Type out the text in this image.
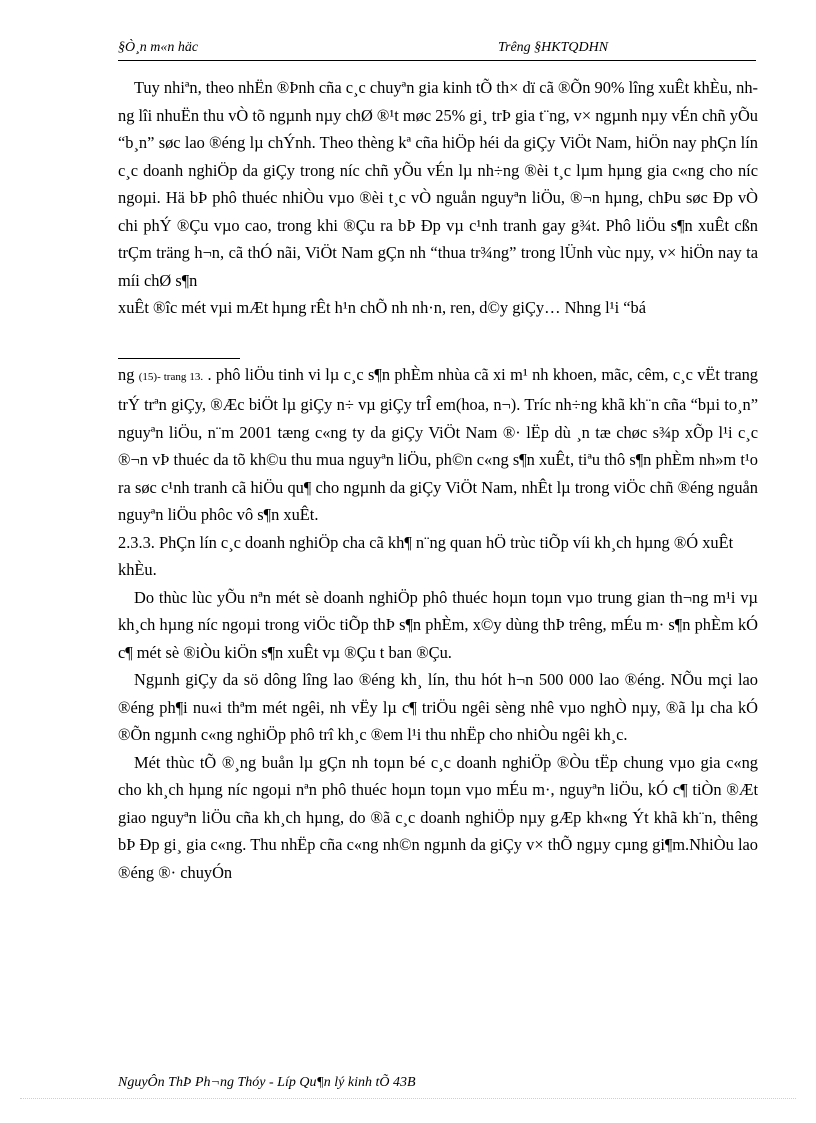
§Ò¸n m«n häc	Trêng §HKTQDHN

Tuy nhiªn, theo nhËn ®Þnh cña c¸c chuyªn gia kinh tÕ th× dï cã ®Õn 90% lîng xuÊt khÈu, nhng lîi nhuËn thu vÒ tõ ngµnh nµy chØ ®¹t møc 25% gi¸ trÞ gia t¨ng, v× ngµnh nµy vÉn chñ yÕu “b¸n” søc lao ®éng lµ chÝnh. Theo thèng kª cña hiÖp héi da giÇy ViÖt Nam, hiÖn nay phÇn lín c¸c doanh nghiÖp da giÇy trong níc chñ yÕu vÉn lµ nh÷ng ®èi t¸c lµm hµng gia c«ng cho níc ngoµi. Hä bÞ phô thuéc nhiÒu vµo ®èi t¸c vÒ nguån nguyªn liÖu, ®¬n hµng, chÞu søc Ðp vÒ chi phÝ ®Çu vµo cao, trong khi ®Çu ra bÞ Ðp vµ c¹nh tranh gay g¾t. Phô liÖu s¶n xuÊt cßn trÇm träng h¬n, cã thÓ nãi, ViÖt Nam gÇn nh “thua tr¾ng” trong lÜnh vùc nµy, v× hiÖn nay ta míi chØ s¶n

xuÊt ®îc mét vµi mÆt hµng rÊt h¹n chÕ nh nh·n, ren, d©y giÇy… Nhng l¹i “bá

ng (15)- trang 13. . phô liÖu tinh vi lµ c¸c s¶n phÈm nhùa cã xi m¹ nh khoen, mãc, cêm, c¸c vËt trang trÝ trªn giÇy, ®Æc biÖt lµ giÇy n÷ vµ giÇy trÎ em(hoa, n¬). Tríc nh÷ng khã kh¨n cña “bµi to¸n” nguyªn liÖu, n¨m 2001 tæng c«ng ty da giÇy ViÖt Nam ®· lËp dù ¸n tæ chøc s¾p xÕp l¹i c¸c ®¬n vÞ thuéc da tõ kh©u thu mua nguyªn liÖu, ph©n c«ng s¶n xuÊt, tiªu thô s¶n phÈm nh»m t¹o ra søc c¹nh tranh cã hiÖu qu¶ cho ngµnh da giÇy ViÖt Nam, nhÊt lµ trong viÖc chñ ®éng nguån nguyªn liÖu phôc vô s¶n xuÊt.

2.3.3. PhÇn lín c¸c doanh nghiÖp cha cã kh¶ n¨ng quan hÖ trùc tiÕp víi kh¸ch hµng ®Ó xuÊt khÈu.

Do thùc lùc yÕu nªn mét sè doanh nghiÖp phô thuéc hoµn toµn vµo trung gian th¬ng m¹i vµ kh¸ch hµng níc ngoµi trong viÖc tiÕp thÞ s¶n phÈm, x©y dùng thÞ trêng, mÉu m· s¶n phÈm kÓ c¶ mét sè ®iÒu kiÖn s¶n xuÊt vµ ®Çu t ban ®Çu.

Ngµnh giÇy da sö dông lîng lao ®éng kh¸ lín, thu hót h¬n 500 000 lao ®éng. NÕu mçi lao ®éng ph¶i nu«i thªm mét ngêi, nh vËy lµ c¶ triÖu ngêi sèng nhê vµo nghÒ nµy, ®ã lµ cha kÓ ®Õn ngµnh c«ng nghiÖp phô trî kh¸c ®em l¹i thu nhËp cho nhiÒu ngêi kh¸c.

Mét thùc tÕ ®¸ng buån lµ gÇn nh toµn bé c¸c doanh nghiÖp ®Òu tËp chung vµo gia c«ng cho kh¸ch hµng níc ngoµi nªn phô thuéc hoµn toµn vµo mÉu m·, nguyªn liÖu, kÓ c¶ tiÒn ®Æt giao nguyªn liÖu cña kh¸ch hµng, do ®ã c¸c doanh nghiÖp nµy gÆp kh«ng Ýt khã kh¨n, thêng bÞ Ðp gi¸ gia c«ng. Thu nhËp cña c«ng nh©n ngµnh da giÇy v× thÕ ngµy cµng gi¶m.NhiÒu lao ®éng ®· chuyÓn

NguyÔn ThÞ Ph¬ng Thóy - Líp Qu¶n lý kinh tÕ 43B
